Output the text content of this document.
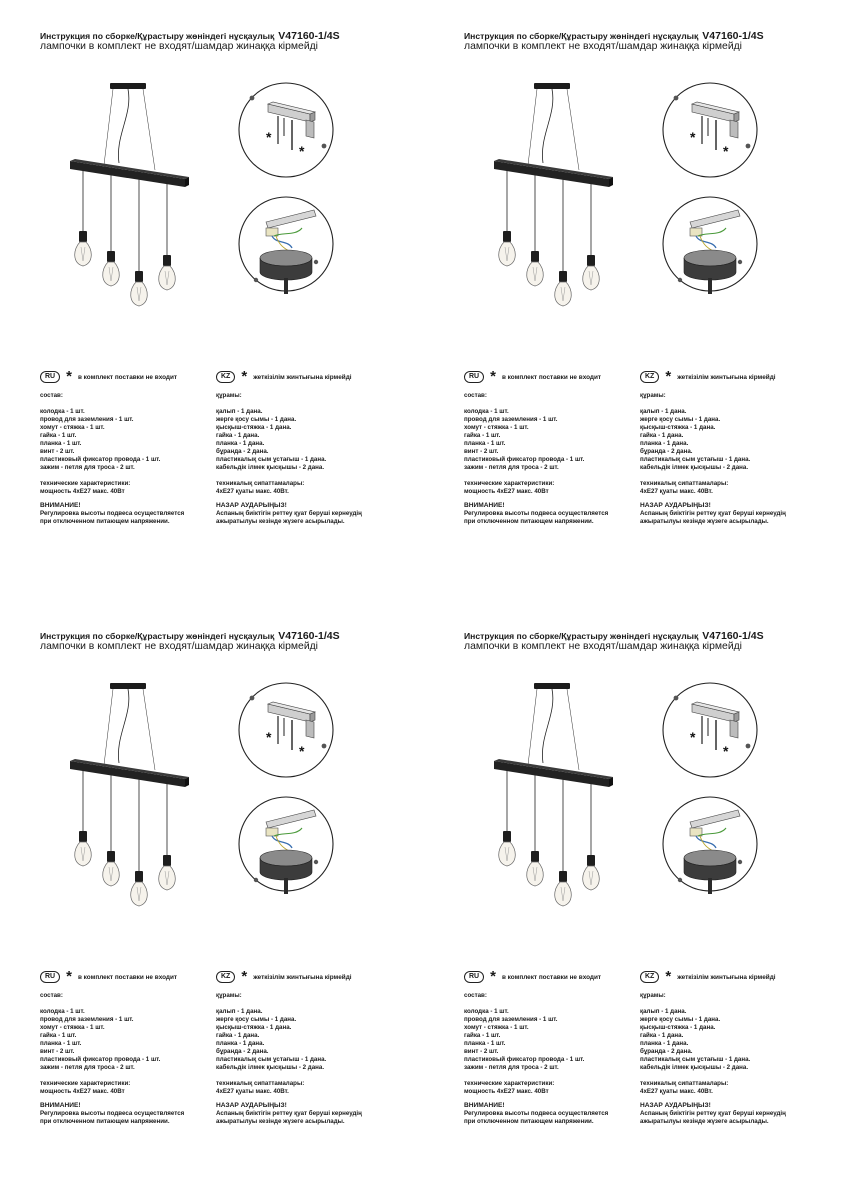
Инструкция по сборке/Құрастыру жөніндегі нұсқаулық V47160-1/4S
лампочки в комплект не входят/шамдар жинаққа кірмейді
*
*
RU * в комплект поставки не входит	KZ * жеткізілім жинтығына кірмейді
состав:
колодка - 1 шт.
провод для заземления - 1 шт.
хомут - стяжка - 1 шт.
гайка - 1 шт.
планка - 1 шт.
винт - 2 шт.
пластиковый фиксатор провода - 1 шт.
зажим - петля для троса - 2 шт.
технические характеристики:
мощность 4хЕ27 макс. 40Вт
ВНИМАНИЕ!
Регулировка высоты подвеса осуществляется
при отключенном питающем напряжении.
құрамы:
қалып - 1 дана.
жерге қосу сымы - 1 дана.
қысқыш-стяжка - 1 дана.
гайка - 1 дана.
планка - 1 дана.
бұранда - 2 дана.
пластикалық сым ұстағыш - 1 дана.
кабельдік ілмек қысқышы - 2 дана.
техникалық сипаттамалары:
4хЕ27 қуаты макс. 40Вт.
НАЗАР АУДАРЫҢЫЗ!
Аспаның биіктігін реттеу қуат беруші кернеудің
ажыратылуы кезінде жүзеге асырылады.
Инструкция по сборке/Құрастыру жөніндегі нұсқаулық V47160-1/4S
лампочки в комплект не входят/шамдар жинаққа кірмейді
*
*
RU * в комплект поставки не входит	KZ * жеткізілім жинтығына кірмейді
состав:
колодка - 1 шт.
провод для заземления - 1 шт.
хомут - стяжка - 1 шт.
гайка - 1 шт.
планка - 1 шт.
винт - 2 шт.
пластиковый фиксатор провода - 1 шт.
зажим - петля для троса - 2 шт.
технические характеристики:
мощность 4хЕ27 макс. 40Вт
ВНИМАНИЕ!
Регулировка высоты подвеса осуществляется
при отключенном питающем напряжении.
құрамы:
қалып - 1 дана.
жерге қосу сымы - 1 дана.
қысқыш-стяжка - 1 дана.
гайка - 1 дана.
планка - 1 дана.
бұранда - 2 дана.
пластикалық сым ұстағыш - 1 дана.
кабельдік ілмек қысқышы - 2 дана.
техникалық сипаттамалары:
4хЕ27 қуаты макс. 40Вт.
НАЗАР АУДАРЫҢЫЗ!
Аспаның биіктігін реттеу қуат беруші кернеудің
ажыратылуы кезінде жүзеге асырылады.
Инструкция по сборке/Құрастыру жөніндегі нұсқаулық V47160-1/4S
лампочки в комплект не входят/шамдар жинаққа кірмейді
*
*
RU * в комплект поставки не входит	KZ * жеткізілім жинтығына кірмейді
состав:
колодка - 1 шт.
провод для заземления - 1 шт.
хомут - стяжка - 1 шт.
гайка - 1 шт.
планка - 1 шт.
винт - 2 шт.
пластиковый фиксатор провода - 1 шт.
зажим - петля для троса - 2 шт.
технические характеристики:
мощность 4хЕ27 макс. 40Вт
ВНИМАНИЕ!
Регулировка высоты подвеса осуществляется
при отключенном питающем напряжении.
құрамы:
қалып - 1 дана.
жерге қосу сымы - 1 дана.
қысқыш-стяжка - 1 дана.
гайка - 1 дана.
планка - 1 дана.
бұранда - 2 дана.
пластикалық сым ұстағыш - 1 дана.
кабельдік ілмек қысқышы - 2 дана.
техникалық сипаттамалары:
4хЕ27 қуаты макс. 40Вт.
НАЗАР АУДАРЫҢЫЗ!
Аспаның биіктігін реттеу қуат беруші кернеудің
ажыратылуы кезінде жүзеге асырылады.
Инструкция по сборке/Құрастыру жөніндегі нұсқаулық V47160-1/4S
лампочки в комплект не входят/шамдар жинаққа кірмейді
*
*
RU * в комплект поставки не входит	KZ * жеткізілім жинтығына кірмейді
состав:
колодка - 1 шт.
провод для заземления - 1 шт.
хомут - стяжка - 1 шт.
гайка - 1 шт.
планка - 1 шт.
винт - 2 шт.
пластиковый фиксатор провода - 1 шт.
зажим - петля для троса - 2 шт.
технические характеристики:
мощность 4хЕ27 макс. 40Вт
ВНИМАНИЕ!
Регулировка высоты подвеса осуществляется
при отключенном питающем напряжении.
құрамы:
қалып - 1 дана.
жерге қосу сымы - 1 дана.
қысқыш-стяжка - 1 дана.
гайка - 1 дана.
планка - 1 дана.
бұранда - 2 дана.
пластикалық сым ұстағыш - 1 дана.
кабельдік ілмек қысқышы - 2 дана.
техникалық сипаттамалары:
4хЕ27 қуаты макс. 40Вт.
НАЗАР АУДАРЫҢЫЗ!
Аспаның биіктігін реттеу қуат беруші кернеудің
ажыратылуы кезінде жүзеге асырылады.
